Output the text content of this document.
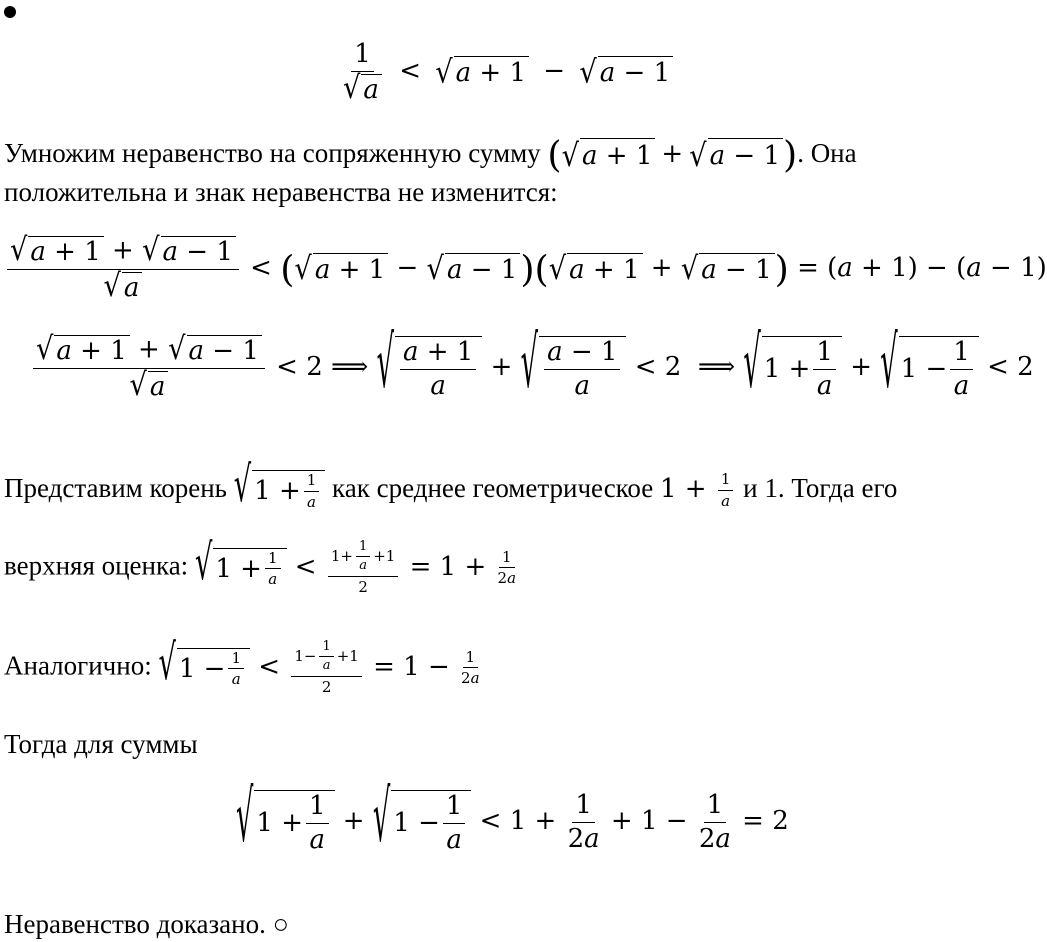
$\frac{1}{√ a}$ < √ a + 1 − √ a − 1
Умножим неравенство на сопряженную сумму ( √ a + 1 + √ a − 1 ). Она
положительна и знак неравенства не изменится:
$\frac{√ a + 1 + √ a - 1}{√ a}$ < ( √ a + 1 − √ a − 1 )( √ a + 1 + √ a − 1 ) = (a + 1) − (a − 1)
$\frac{√ a + 1 + √ a - 1}{√ a} < 2$ ⟹ √ $\frac{a + 1}{a}$ + √ $\frac{a - 1}{a} < 2$  ⟹ √ $1 + \frac{1}{a}$ + √ $1 - \frac{1}{a} < 2$
Представим корень √ $1 + \frac{1}{a}$ как среднее геометрическое $1 + \frac{1}{a}$ и 1. Тогда его
верхняя оценка: √ $1 + \frac{1}{a} < \frac{1+ \frac{1}{a} +1}{2} = 1 + \frac{1}{2a}$
Аналогично: √ $1 - \frac{1}{a} < \frac{1- \frac{1}{a} +1}{2} = 1 - \frac{1}{2a}$
Тогда для суммы
√ $1 + \frac{1}{a}$ + √ $1 - \frac{1}{a} < 1 + \frac{1}{2a} + 1 - \frac{1}{2a} = 2$
Неравенство доказано. ○
